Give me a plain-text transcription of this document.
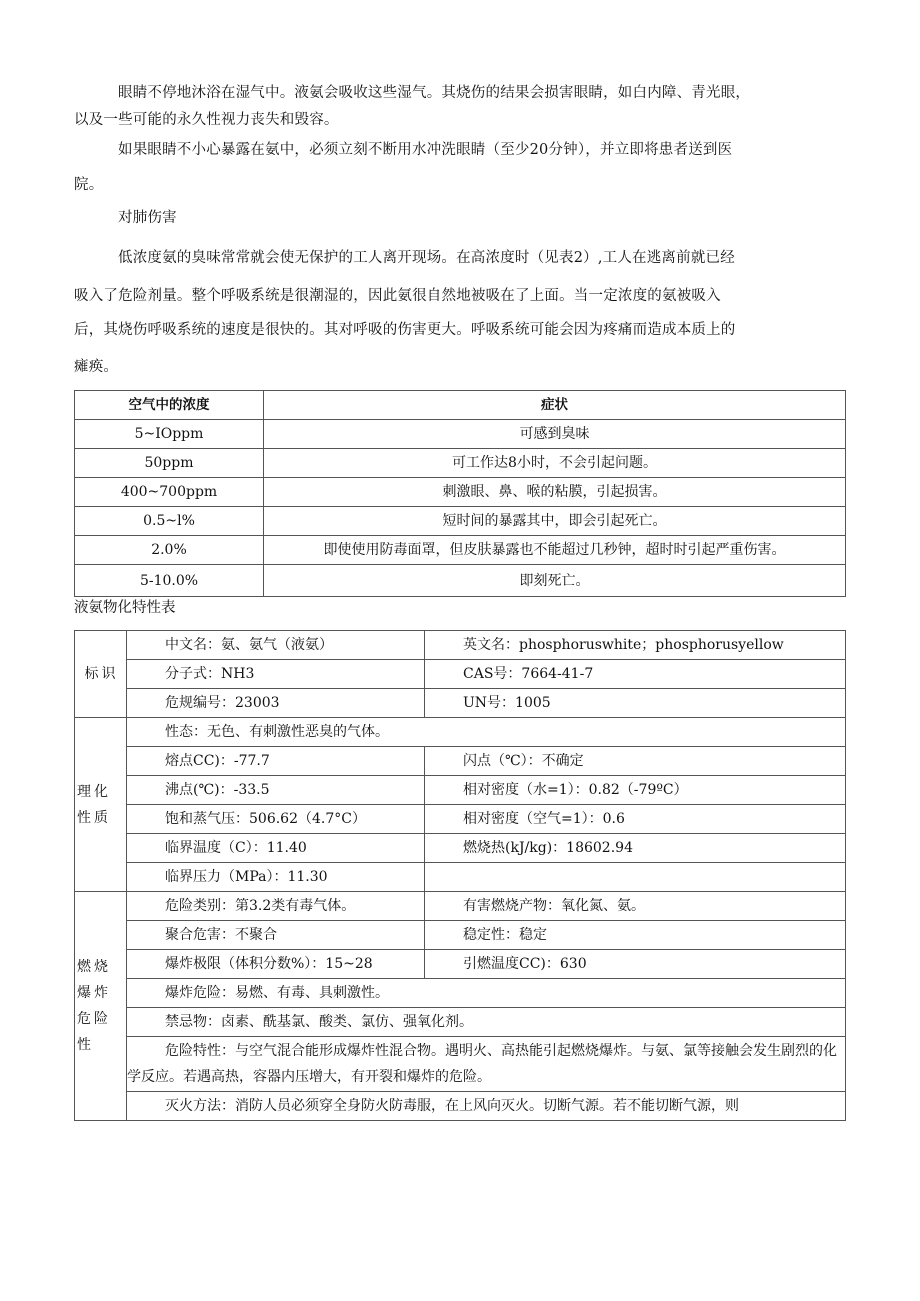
眼睛不停地沐浴在湿气中。液氨会吸收这些湿气。其烧伤的结果会损害眼睛，如白内障、青光眼，
以及一些可能的永久性视力丧失和毁容。
如果眼睛不小心暴露在氨中，必须立刻不断用水冲洗眼睛（至少20分钟），并立即将患者送到医
院。
对肺伤害
低浓度氨的臭味常常就会使无保护的工人离开现场。在高浓度时（见表2）,工人在逃离前就已经
吸入了危险剂量。整个呼吸系统是很潮湿的，因此氨很自然地被吸在了上面。当一定浓度的氨被吸入
后，其烧伤呼吸系统的速度是很快的。其对呼吸的伤害更大。呼吸系统可能会因为疼痛而造成本质上的
瘫痪。
空气中的浓度	症状
5~IOppm	可感到臭味
50ppm	可工作达8小时，不会引起问题。
400~700ppm	刺激眼、鼻、喉的粘膜，引起损害。
0.5~l%	短时间的暴露其中，即会引起死亡。
2.0%	即使使用防毒面罩，但皮肤暴露也不能超过几秒钟，超时时引起严重伤害。
5-10.0%	即刻死亡。
液氨物化特性表
标识	中文名：氨、氨气（液氨）	英文名：phosphoruswhite；phosphorusyellow
	分子式：NH3	CAS号：7664-41-7
	危规编号：23003	UN号：1005
理化性质	性态：无色、有刺激性恶臭的气体。	
	熔点CC)：-77.7	闪点（℃）：不确定
	沸点(℃)：-33.5	相对密度（水=1）：0.82（-79ºC）
	饱和蒸气压：506.62（4.7°C）	相对密度（空气=1）：0.6
	临界温度（C）：11.40	燃烧热(kJ/kg)：18602.94
	临界压力（MPa）：11.30	
燃烧爆炸危险性	危险类别：第3.2类有毒气体。	有害燃烧产物：氧化氮、氨。
	聚合危害：不聚合	稳定性：稳定
	爆炸极限（体积分数%）：15~28	引燃温度CC)：630
	爆炸危险：易燃、有毒、具刺激性。	
	禁忌物：卤素、酰基氯、酸类、氯仿、强氧化剂。	
	危险特性：与空气混合能形成爆炸性混合物。遇明火、高热能引起燃烧爆炸。与氨、氯等接触会发生剧烈的化学反应。若遇高热，容器内压增大，有开裂和爆炸的危险。	
	灭火方法：消防人员必须穿全身防火防毒服，在上风向灭火。切断气源。若不能切断气源，则	
